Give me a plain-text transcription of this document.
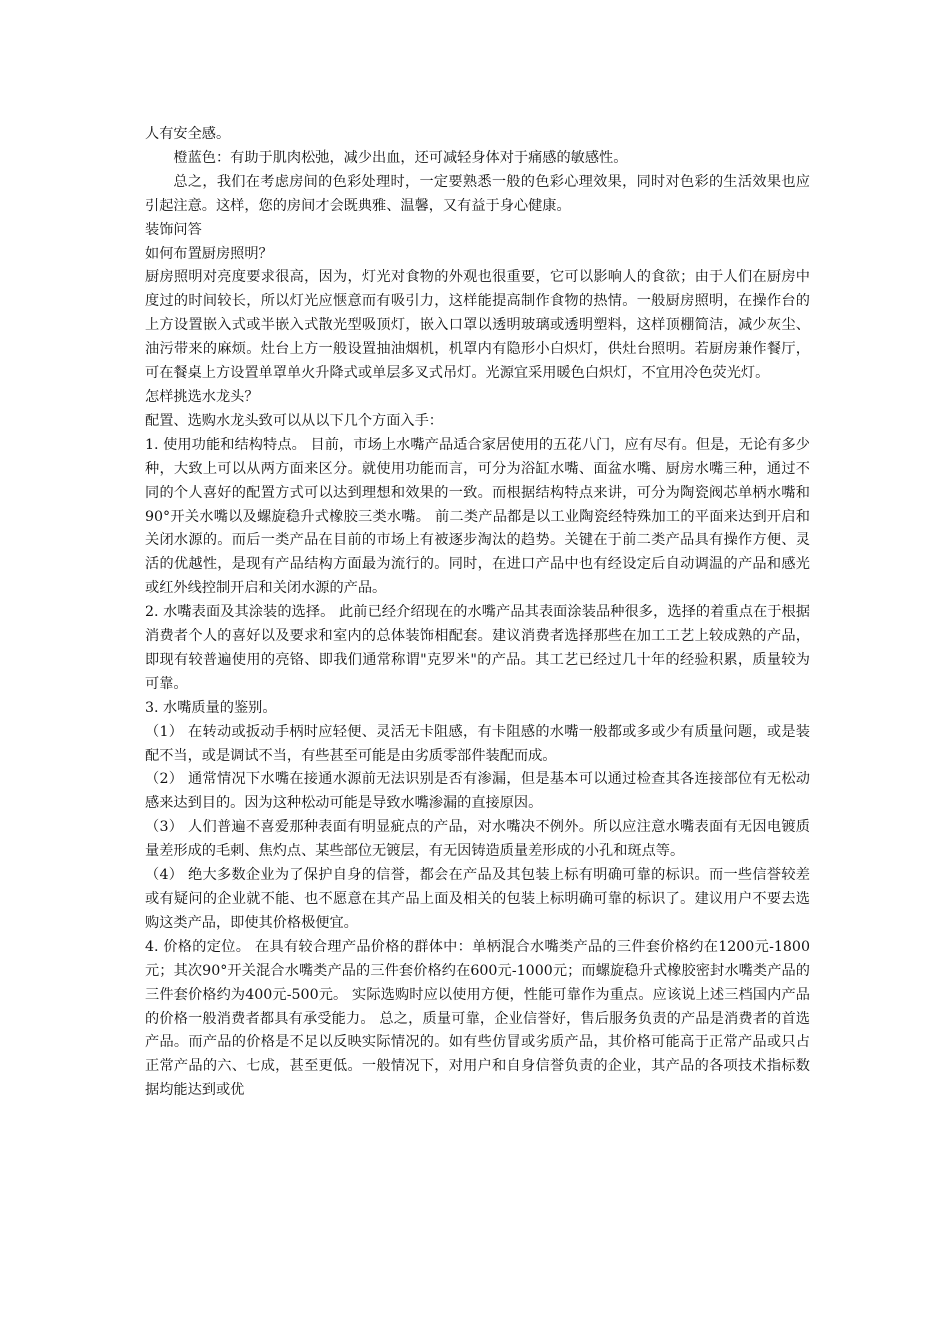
人有安全感。

橙蓝色：有助于肌肉松弛，减少出血，还可减轻身体对于痛感的敏感性。

总之，我们在考虑房间的色彩处理时，一定要熟悉一般的色彩心理效果，同时对色彩的生活效果也应引起注意。这样，您的房间才会既典雅、温馨，又有益于身心健康。

装饰问答

如何布置厨房照明？

厨房照明对亮度要求很高，因为，灯光对食物的外观也很重要，它可以影响人的食欲；由于人们在厨房中度过的时间较长，所以灯光应惬意而有吸引力，这样能提高制作食物的热情。一般厨房照明，在操作台的上方设置嵌入式或半嵌入式散光型吸顶灯，嵌入口罩以透明玻璃或透明塑料，这样顶棚简洁，减少灰尘、油污带来的麻烦。灶台上方一般设置抽油烟机，机罩内有隐形小白炽灯，供灶台照明。若厨房兼作餐厅，可在餐桌上方设置单罩单火升降式或单层多叉式吊灯。光源宜采用暖色白炽灯，不宜用冷色荧光灯。

怎样挑选水龙头？

配置、选购水龙头致可以从以下几个方面入手：

1. 使用功能和结构特点。 目前，市场上水嘴产品适合家居使用的五花八门，应有尽有。但是，无论有多少种，大致上可以从两方面来区分。就使用功能而言，可分为浴缸水嘴、面盆水嘴、厨房水嘴三种，通过不同的个人喜好的配置方式可以达到理想和效果的一致。而根据结构特点来讲，可分为陶瓷阀芯单柄水嘴和90°开关水嘴以及螺旋稳升式橡胶三类水嘴。 前二类产品都是以工业陶瓷经特殊加工的平面来达到开启和关闭水源的。而后一类产品在目前的市场上有被逐步淘汰的趋势。关键在于前二类产品具有操作方便、灵活的优越性，是现有产品结构方面最为流行的。同时，在进口产品中也有经设定后自动调温的产品和感光或红外线控制开启和关闭水源的产品。

2. 水嘴表面及其涂装的选择。 此前已经介绍现在的水嘴产品其表面涂装品种很多，选择的着重点在于根据消费者个人的喜好以及要求和室内的总体装饰相配套。建议消费者选择那些在加工工艺上较成熟的产品，即现有较普遍使用的亮铬、即我们通常称谓"克罗米"的产品。其工艺已经过几十年的经验积累，质量较为可靠。

3. 水嘴质量的鉴别。

（1） 在转动或扳动手柄时应轻便、灵活无卡阻感，有卡阻感的水嘴一般都或多或少有质量问题，或是装配不当，或是调试不当，有些甚至可能是由劣质零部件装配而成。

（2） 通常情况下水嘴在接通水源前无法识别是否有渗漏，但是基本可以通过检查其各连接部位有无松动感来达到目的。因为这种松动可能是导致水嘴渗漏的直接原因。

（3） 人们普遍不喜爱那种表面有明显疵点的产品，对水嘴决不例外。所以应注意水嘴表面有无因电镀质量差形成的毛刺、焦灼点、某些部位无镀层，有无因铸造质量差形成的小孔和斑点等。

（4） 绝大多数企业为了保护自身的信誉，都会在产品及其包装上标有明确可靠的标识。而一些信誉较差或有疑问的企业就不能、也不愿意在其产品上面及相关的包装上标明确可靠的标识了。建议用户不要去选购这类产品，即使其价格极便宜。

4. 价格的定位。 在具有较合理产品价格的群体中：单柄混合水嘴类产品的三件套价格约在1200元-1800元；其次90°开关混合水嘴类产品的三件套价格约在600元-1000元；而螺旋稳升式橡胶密封水嘴类产品的三件套价格约为400元-500元。 实际选购时应以使用方便，性能可靠作为重点。应该说上述三档国内产品的价格一般消费者都具有承受能力。 总之，质量可靠，企业信誉好，售后服务负责的产品是消费者的首选产品。而产品的价格是不足以反映实际情况的。如有些仿冒或劣质产品，其价格可能高于正常产品或只占正常产品的六、七成，甚至更低。一般情况下，对用户和自身信誉负责的企业，其产品的各项技术指标数据均能达到或优
